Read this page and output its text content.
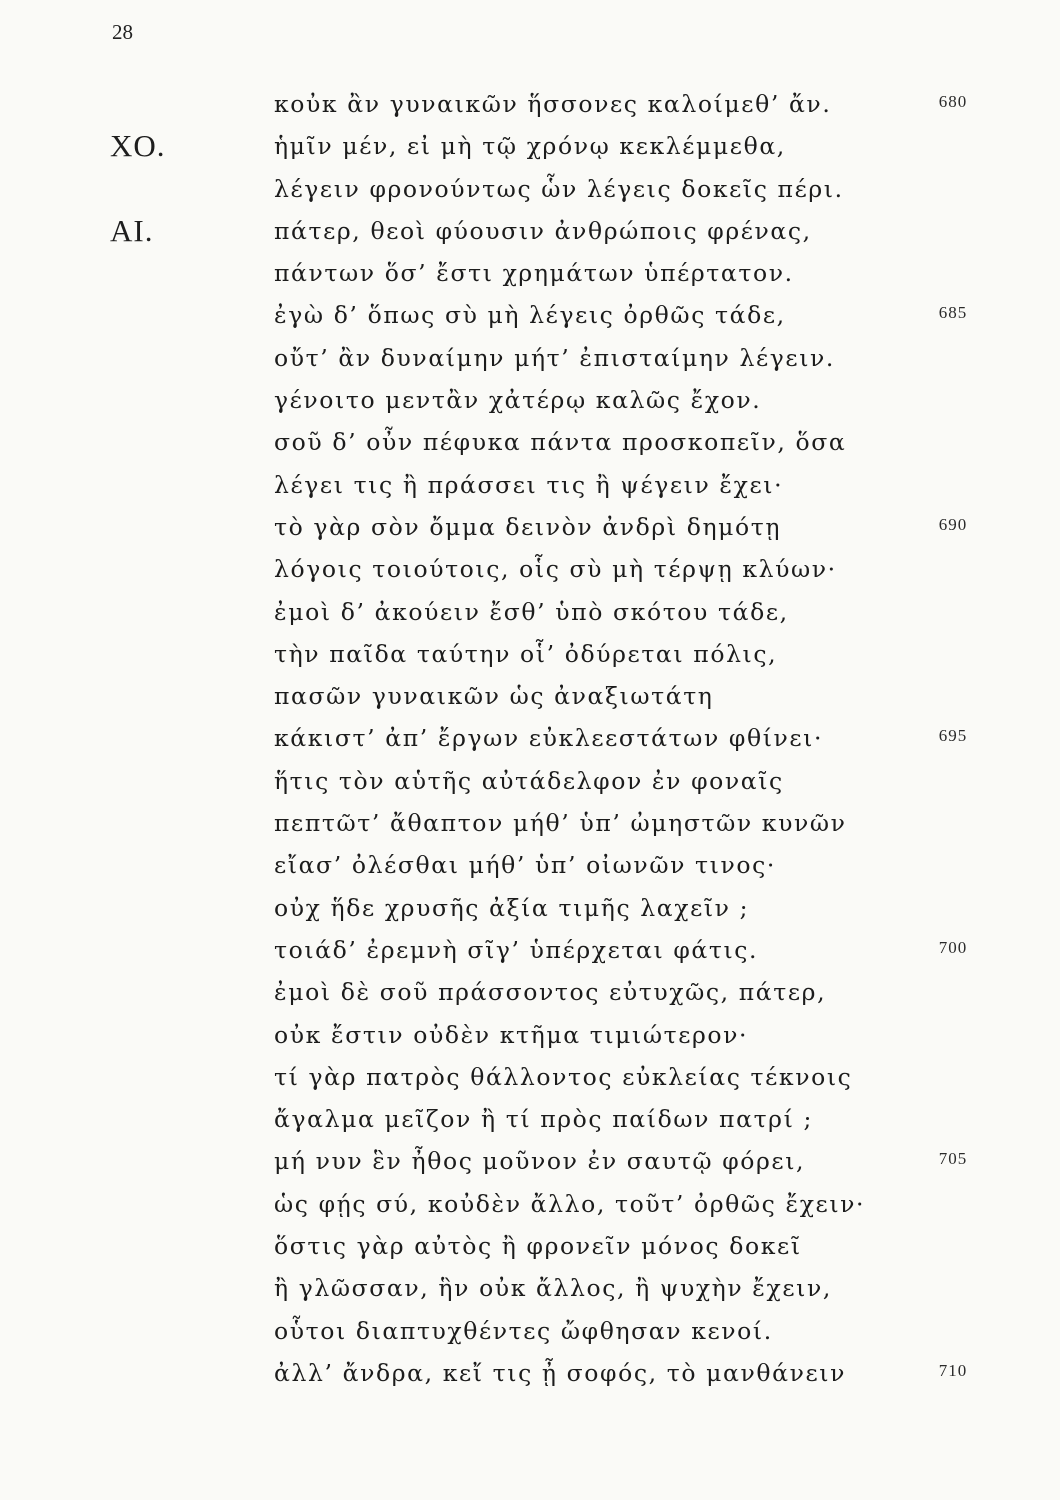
28
κοὐκ ἂν γυναικῶν ἥσσονες καλοίμεθ’ ἄν.	680
ΧΟ.	ἡμῖν μέν, εἰ μὴ τῷ χρόνῳ κεκλέμμεθα,
λέγειν φρονούντως ὧν λέγεις δοκεῖς πέρι.
ΑΙ.	πάτερ, θεοὶ φύουσιν ἀνθρώποις φρένας,
πάντων ὅσ’ ἔστι χρημάτων ὑπέρτατον.
ἐγὼ δ’ ὅπως σὺ μὴ λέγεις ὀρθῶς τάδε,	685
οὔτ’ ἂν δυναίμην μήτ’ ἐπισταίμην λέγειν.
γένοιτο μεντἂν χἀτέρῳ καλῶς ἔχον.
σοῦ δ’ οὖν πέφυκα πάντα προσκοπεῖν, ὅσα
λέγει τις ἢ πράσσει τις ἢ ψέγειν ἔχει·
τὸ γὰρ σὸν ὄμμα δεινὸν ἀνδρὶ δημότῃ	690
λόγοις τοιούτοις, οἷς σὺ μὴ τέρψῃ κλύων·
ἐμοὶ δ’ ἀκούειν ἔσθ’ ὑπὸ σκότου τάδε,
τὴν παῖδα ταύτην οἷ’ ὀδύρεται πόλις,
πασῶν γυναικῶν ὡς ἀναξιωτάτη
κάκιστ’ ἀπ’ ἔργων εὐκλεεστάτων φθίνει·	695
ἥτις τὸν αὑτῆς αὐτάδελφον ἐν φοναῖς
πεπτῶτ’ ἄθαπτον μήθ’ ὑπ’ ὠμηστῶν κυνῶν
εἴασ’ ὀλέσθαι μήθ’ ὑπ’ οἰωνῶν τινος·
οὐχ ἥδε χρυσῆς ἀξία τιμῆς λαχεῖν ;
τοιάδ’ ἐρεμνὴ σῖγ’ ὑπέρχεται φάτις.	700
ἐμοὶ δὲ σοῦ πράσσοντος εὐτυχῶς, πάτερ,
οὐκ ἔστιν οὐδὲν κτῆμα τιμιώτερον·
τί γὰρ πατρὸς θάλλοντος εὐκλείας τέκνοις
ἄγαλμα μεῖζον ἢ τί πρὸς παίδων πατρί ;
μή νυν ἓν ἦθος μοῦνον ἐν σαυτῷ φόρει,	705
ὡς φῄς σύ, κοὐδὲν ἄλλο, τοῦτ’ ὀρθῶς ἔχειν·
ὅστις γὰρ αὐτὸς ἢ φρονεῖν μόνος δοκεῖ
ἢ γλῶσσαν, ἣν οὐκ ἄλλος, ἢ ψυχὴν ἔχειν,
οὗτοι διαπτυχθέντες ὤφθησαν κενοί.
ἀλλ’ ἄνδρα, κεἴ τις ᾖ σοφός, τὸ μανθάνειν	710
